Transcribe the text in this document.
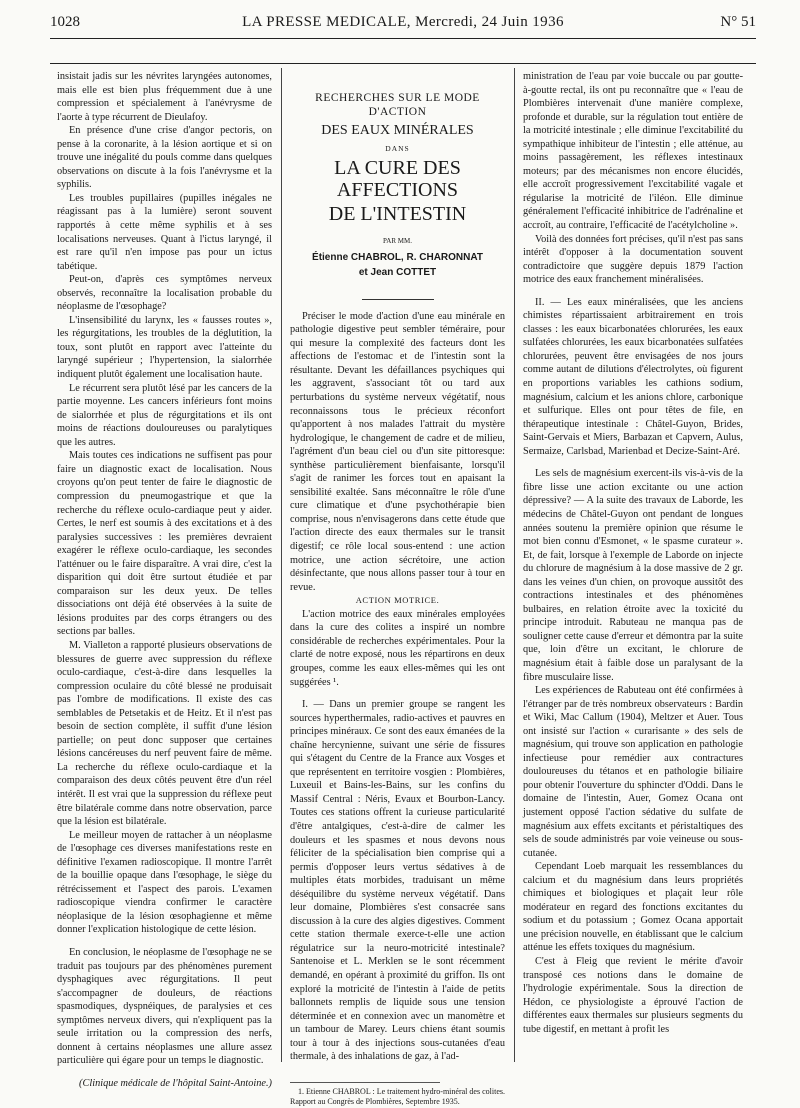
1028	LA PRESSE MEDICALE, Mercredi, 24 Juin 1936	N° 51

insistait jadis sur les névrites laryngées autonomes, mais elle est bien plus fréquemment due à une compression et spécialement à l'anévrysme de l'aorte à type récurrent de Dieulafoy.

En présence d'une crise d'angor pectoris, on pense à la coronarite, à la lésion aortique et si on trouve une inégalité du pouls comme dans quelques observations on discute à la fois l'anévrysme et la syphilis.

Les troubles pupillaires (pupilles inégales ne réagissant pas à la lumière) seront souvent rapportés à cette même syphilis et à ses localisations nerveuses. Quant à l'ictus laryngé, il est rare qu'il n'en impose pas pour un ictus tabétique.

Peut-on, d'après ces symptômes nerveux observés, reconnaître la localisation probable du néoplasme de l'œsophage?

L'insensibilité du larynx, les « fausses routes », les régurgitations, les troubles de la déglutition, la toux, sont plutôt en rapport avec l'atteinte du laryngé supérieur ; l'hypertension, la sialorrhée indiquent plutôt également une localisation haute.

Le récurrent sera plutôt lésé par les cancers de la partie moyenne. Les cancers inférieurs font moins de sialorrhée et plus de régurgitations et ils ont moins de réactions douloureuses ou paralytiques que les autres.

Mais toutes ces indications ne suffisent pas pour faire un diagnostic exact de localisation. Nous croyons qu'on peut tenter de faire le diagnostic de compression du pneumogastrique et que la recherche du réflexe oculo-cardiaque peut y aider. Certes, le nerf est soumis à des excitations et à des paralysies successives : les premières devraient exagérer le réflexe oculo-cardiaque, les secondes l'atténuer ou le faire disparaître. A vrai dire, c'est la disparition qui doit être surtout étudiée et par comparaison sur les deux yeux. De telles dissociations ont déjà été observées à la suite de lésions produites par des corps étrangers ou des sections par balles.

M. Vialleton a rapporté plusieurs observations de blessures de guerre avec suppression du réflexe oculo-cardiaque, c'est-à-dire dans lesquelles la compression oculaire du côté blessé ne produisait pas l'ombre de modifications. Il existe des cas semblables de Petsetakis et de Heitz. Et il n'est pas besoin de section complète, il suffit d'une lésion partielle; on peut donc supposer que certaines lésions cancéreuses du nerf peuvent faire de même. La recherche du réflexe oculo-cardiaque et la comparaison des deux côtés peuvent être d'un réel intérêt. Il est vrai que la suppression du réflexe peut être bilatérale comme dans notre observation, parce que la lésion est bilatérale.

Le meilleur moyen de rattacher à un néoplasme de l'œsophage ces diverses manifestations reste en définitive l'examen radioscopique. Il montre l'arrêt de la bouillie opaque dans l'œsophage, le siège du rétrécissement et l'aspect des parois. L'examen radioscopique viendra confirmer le caractère néoplasique de la lésion œsophagienne et même donner l'explication histologique de cette lésion.

En conclusion, le néoplasme de l'œsophage ne se traduit pas toujours par des phénomènes purement dysphagiques avec régurgitations. Il peut s'accompagner de douleurs, de réactions spasmodiques, dyspnéiques, de paralysies et ces symptômes nerveux divers, qui n'expliquent pas la seule irritation ou la compression des nerfs, donnent à certains néoplasmes une allure assez particulière qui égare pour un temps le diagnostic.

(Clinique médicale de l'hôpital Saint-Antoine.)

RECHERCHES SUR LE MODE D'ACTION
DES EAUX MINÉRALES
DANS
LA CURE DES AFFECTIONS
DE L'INTESTIN
PAR MM.
Étienne CHABROL, R. CHARONNAT
et Jean COTTET

Préciser le mode d'action d'une eau minérale en pathologie digestive peut sembler téméraire, pour qui mesure la complexité des facteurs dont les affections de l'estomac et de l'intestin sont la résultante. Devant les défaillances psychiques qui les aggravent, s'associant tôt ou tard aux perturbations du système nerveux végétatif, nous reconnaissons tous le précieux réconfort qu'apportent à nos malades l'attrait du mystère hydrologique, le changement de cadre et de milieu, l'agrément d'un beau ciel ou d'un site pittoresque: synthèse particulièrement bienfaisante, lorsqu'il s'agit de ranimer les forces tout en apaisant la sensibilité exaltée. Sans méconnaître le rôle d'une cure climatique et d'une psychothérapie bien comprise, nous n'envisagerons dans cette étude que l'action directe des eaux thermales sur le transit digestif; ce rôle local sous-entend : une action motrice, une action sécrétoire, une action désinfectante, que nous allons passer tour à tour en revue.

ACTION MOTRICE.

L'action motrice des eaux minérales employées dans la cure des colites a inspiré un nombre considérable de recherches expérimentales. Pour la clarté de notre exposé, nous les répartirons en deux groupes, comme les eaux elles-mêmes qui les ont suggérées ¹.

I. — Dans un premier groupe se rangent les sources hyperthermales, radio-actives et pauvres en principes minéraux. Ce sont des eaux émanées de la chaîne hercynienne, suivant une série de fissures qui s'étagent du Centre de la France aux Vosges et que représentent en territoire vosgien : Plombières, Luxeuil et Bains-les-Bains, sur les confins du Massif Central : Néris, Evaux et Bourbon-Lancy. Toutes ces stations offrent la curieuse particularité d'être antalgiques, c'est-à-dire de calmer les douleurs et les spasmes et nous devons nous féliciter de la spécialisation bien comprise qui a permis d'opposer leurs vertus sédatives à de multiples états morbides, traduisant un même déséquilibre du système nerveux végétatif. Dans leur domaine, Plombières s'est consacrée sans discussion à la cure des algies digestives. Comment cette station thermale exerce-t-elle une action régulatrice sur la neuro-motricité intestinale? Santenoise et L. Merklen se le sont récemment demandé, en opérant à proximité du griffon. Ils ont exploré la motricité de l'intestin à l'aide de petits ballonnets remplis de liquide sous une tension déterminée et en connexion avec un manomètre et un tambour de Marey. Leurs chiens étant soumis tour à tour à des injections sous-cutanées d'eau thermale, à des inhalations de gaz, à l'ad-

1. Etienne CHABROL : Le traitement hydro-minéral des colites. Rapport au Congrès de Plombières, Septembre 1935.

ministration de l'eau par voie buccale ou par goutte-à-goutte rectal, ils ont pu reconnaître que « l'eau de Plombières intervenait d'une manière complexe, profonde et durable, sur la régulation tout entière de la motricité intestinale ; elle diminue l'excitabilité du sympathique inhibiteur de l'intestin ; elle atténue, au moins passagèrement, les réflexes intestinaux moteurs; par des mécanismes non encore élucidés, elle accroît progressivement l'excitabilité vagale et régularise la motricité de l'iléon. Elle diminue généralement l'efficacité inhibitrice de l'adrénaline et accroît, au contraire, l'efficacité de l'acétylcholine ».

Voilà des données fort précises, qu'il n'est pas sans intérêt d'opposer à la documentation souvent contradictoire que suggère depuis 1879 l'action motrice des eaux franchement minéralisées.

II. — Les eaux minéralisées, que les anciens chimistes répartissaient arbitrairement en trois classes : les eaux bicarbonatées chlorurées, les eaux sulfatées chlorurées, les eaux bicarbonatées sulfatées chlorurées, peuvent être envisagées de nos jours comme autant de dilutions d'électrolytes, où figurent en proportions variables les cathions sodium, magnésium, calcium et les anions chlore, carbonique et sulfurique. Elles ont pour têtes de file, en thérapeutique intestinale : Châtel-Guyon, Brides, Saint-Gervais et Miers, Barbazan et Capvern, Aulus, Sermaize, Carlsbad, Marienbad et Decize-Saint-Aré.

Les sels de magnésium exercent-ils vis-à-vis de la fibre lisse une action excitante ou une action dépressive? — A la suite des travaux de Laborde, les médecins de Châtel-Guyon ont pendant de longues années soutenu la première opinion que résume le mot bien connu d'Esmonet, « le spasme curateur ». Et, de fait, lorsque à l'exemple de Laborde on injecte du chlorure de magnésium à la dose massive de 2 gr. dans les veines d'un chien, on provoque aussitôt des contractions intestinales et des phénomènes bulbaires, en relation étroite avec la toxicité du principe introduit. Rabuteau ne manqua pas de souligner cette cause d'erreur et démontra par la suite que, loin d'être un excitant, le chlorure de magnésium était à faible dose un paralysant de la fibre musculaire lisse.

Les expériences de Rabuteau ont été confirmées à l'étranger par de très nombreux observateurs : Bardin et Wiki, Mac Callum (1904), Meltzer et Auer. Tous ont insisté sur l'action « curarisante » des sels de magnésium, qui trouve son application en pathologie infectieuse pour remédier aux contractures douloureuses du tétanos et en pathologie biliaire pour obtenir l'ouverture du sphincter d'Oddi. Dans le domaine de l'intestin, Auer, Gomez Ocana ont justement opposé l'action sédative du sulfate de magnésium aux effets excitants et péristaltiques des sels de soude administrés par voie veineuse ou sous-cutanée.

Cependant Loeb marquait les ressemblances du calcium et du magnésium dans leurs propriétés chimiques et biologiques et plaçait leur rôle modérateur en regard des fonctions excitantes du sodium et du potassium ; Gomez Ocana apportait une précision nouvelle, en établissant que le calcium atténue les effets toxiques du magnésium.

C'est à Fleig que revient le mérite d'avoir transposé ces notions dans le domaine de l'hydrologie expérimentale. Sous la direction de Hédon, ce physiologiste a éprouvé l'action de différentes eaux thermales sur plusieurs segments du tube digestif, en mettant à profit les
